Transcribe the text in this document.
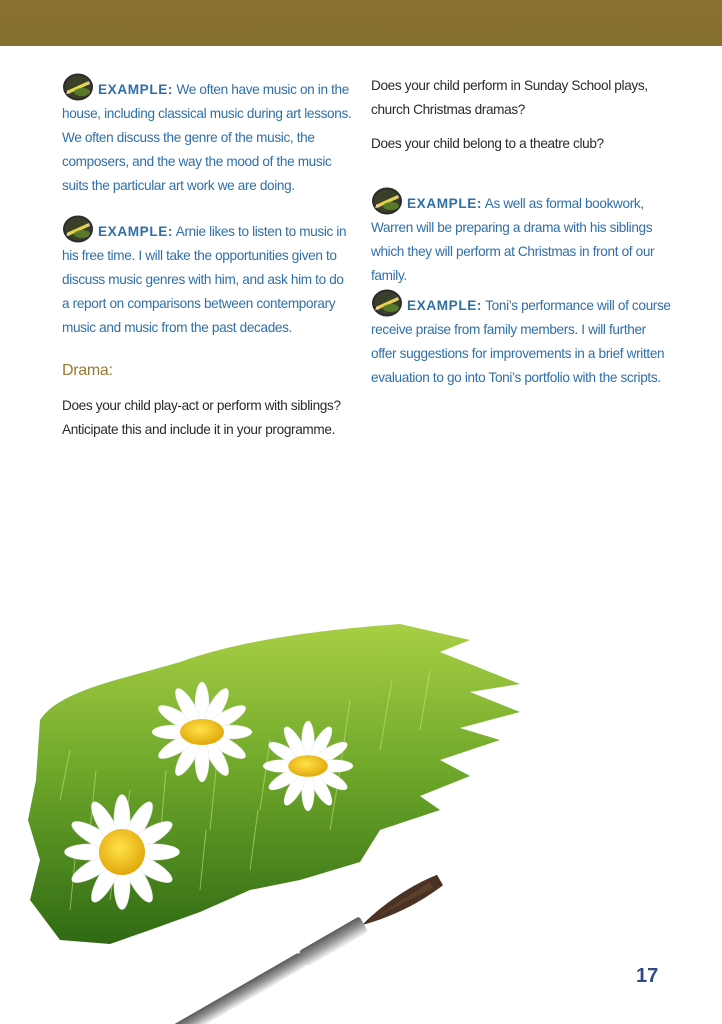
EXAMPLE: We often have music on in the house, including classical music during art lessons. We often discuss the genre of the music, the composers, and the way the mood of the music suits the particular art work we are doing.

EXAMPLE: Arnie likes to listen to music in his free time. I will take the opportunities given to discuss music genres with him, and ask him to do a report on comparisons between contemporary music and music from the past decades.

Drama:

Does your child play-act or perform with siblings? Anticipate this and include it in your programme.

Does your child perform in Sunday School plays, church Christmas dramas?

Does your child belong to a theatre club?

EXAMPLE: As well as formal bookwork, Warren will be preparing a drama with his siblings which they will perform at Christmas in front of our family.

EXAMPLE: Toni’s performance will of course receive praise from family members. I will further offer suggestions for improvements in a brief written evaluation to go into Toni’s portfolio with the scripts.

17
